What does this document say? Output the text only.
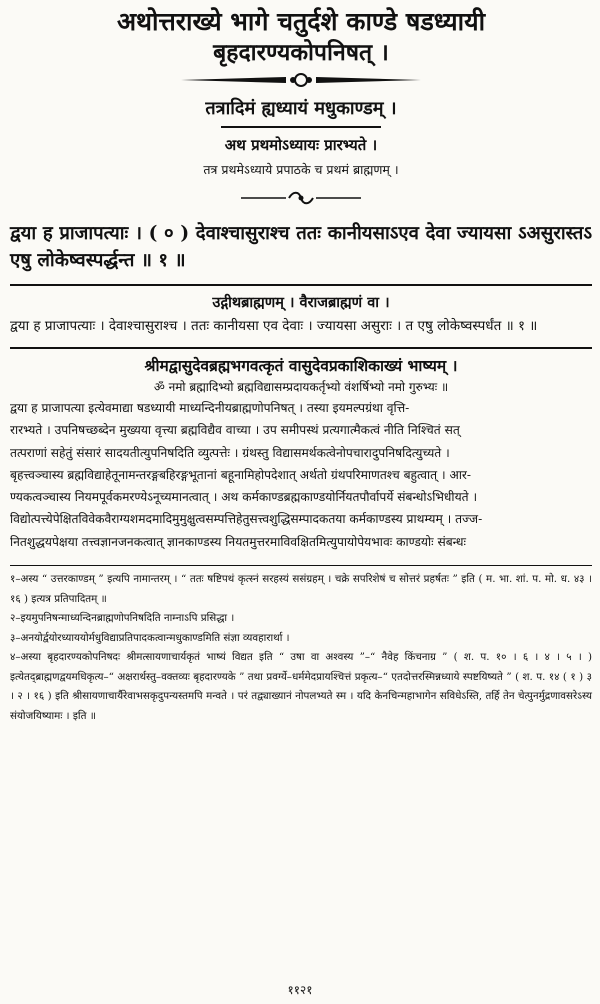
अथोत्तराख्ये भागे चतुर्दशे काण्डे षडध्यायी

बृहदारण्यकोपनिषत् ।

तत्रादिमं ह्यध्यायं मधुकाण्डम् ।

अथ प्रथमोऽध्यायः प्रारभ्यते ।

तत्र प्रथमेऽध्याये प्रपाठके च प्रथमं ब्राह्मणम् ।

द्वया ह प्राजापत्याः । ( ० ) देवाश्चासुराश्च ततः कानीयसाऽएव देवा ज्यायसा ऽअसुरास्तऽ एषु लोकेष्वस्पर्द्धन्त ॥ १ ॥

उद्गीथब्राह्मणम् । वैराजब्राह्मणं वा ।

द्वया ह प्राजापत्याः । देवाश्चासुराश्च । ततः कानीयसा एव देवाः । ज्यायसा असुराः । त एषु लोकेष्वस्पर्धंत ॥ १ ॥

श्रीमद्वासुदेवब्रह्मभगवत्कृतं वासुदेवप्रकाशिकाख्यं भाष्यम् ।

ॐ नमो ब्रह्मादिभ्यो ब्रह्मविद्यासम्प्रदायकर्तृभ्यो वंशर्षिभ्यो नमो गुरुभ्यः ॥

द्वया ह प्राजापत्या इत्येवमाद्या षडध्यायी माध्यन्दिनीयब्राह्मणोपनिषत् । तस्या इयमल्पग्रंथा वृत्ति-

रारभ्यते । उपनिषच्छब्देन मुख्यया वृत्त्या ब्रह्मविद्यैव वाच्या । उप समीपस्थं प्रत्यगात्मैकत्वं नीति निश्चितं सत्

तत्पराणां सहेतुं संसारं सादयतीत्युपनिषदिति व्युत्पत्तेः । ग्रंथस्तु विद्यासमर्थकत्वेनोपचारादुपनिषदित्युच्यते ।

बृहत्त्वञ्चास्य ब्रह्मविद्याहेतूनामन्तरङ्गबहिरङ्गभूतानां बहूनामिहोपदेशात् अर्थतो ग्रंथपरिमाणतश्च बहुत्वात् । आर-

ण्यकत्वञ्चास्य नियमपूर्वकमरण्येऽनूच्यमानत्वात् । अथ कर्मकाण्डब्रह्मकाण्डयोर्नियतपौर्वापर्ये संबन्धोऽभिधीयते ।

विद्योत्पत्त्येपेक्षितविवेकवैराग्यशमदमादिमुमुक्षुत्वसम्पत्तिहेतुसत्त्वशुद्धिसम्पादकतया कर्मकाण्डस्य प्राथम्यम् । तज्ज-

नितशुद्धयपेक्षया तत्त्वज्ञानजनकत्वात् ज्ञानकाण्डस्य नियतमुत्तरमाविवक्षितमित्युपायोपेयभावः काण्डयोः संबन्धः

१–अस्य “ उत्तरकाण्डम् ” इत्यपि नामान्तरम् । “ ततः षष्टिपथं कृत्स्नं सरहस्यं ससंग्रहम् । चक्रे सपरिशेषं च सोत्तरं प्रहर्षतः ” इति ( म. भा. शां. प. मो. ध. ४३ । १६ ) इत्यत्र प्रतिपादितम् ॥

२–इयमुपनिषन्माध्यन्दिनब्राह्मणोपनिषदिति नाम्नाऽपि प्रसिद्धा ।

३–अनयोर्द्वयोरध्याययोर्मधुविद्याप्रतिपादकत्वान्मधुकाण्डमिति संज्ञा व्यवहारार्था ।

४–अस्या बृहदारण्यकोपनिषदः श्रीमत्सायणाचार्यकृतं भाष्यं विद्यत इति “ उषा वा अश्वस्य ”–“ नैवेह किंचनाग्र ” ( श. प. १० । ६ । ४ । ५ । ) इत्येतद्ब्राह्मणद्वयमधिकृत्य–“ अक्षरार्थस्तु–वक्तव्यः बृहदारण्यके ” तथा प्रवर्ग्ये–धर्ममेदप्रायश्चित्तं प्रकृत्य–“ एतदोत्तरस्मिन्नध्याये स्पष्टयिष्यते ” ( श. प. १४ ( १ ) ३ । २ । १६ ) इति श्रीसायणाचार्यैरेवाभसकृदुपन्यस्तमपि मन्वते । परं तद्व्याख्यानं नोपलभ्यते स्म । यदि केनचिन्महाभागेन सविधेऽस्ति, तर्हि तेन चेत्पुनर्मुद्रणावसरेऽस्य संयोजयिष्यामः । इति ॥

११२१
